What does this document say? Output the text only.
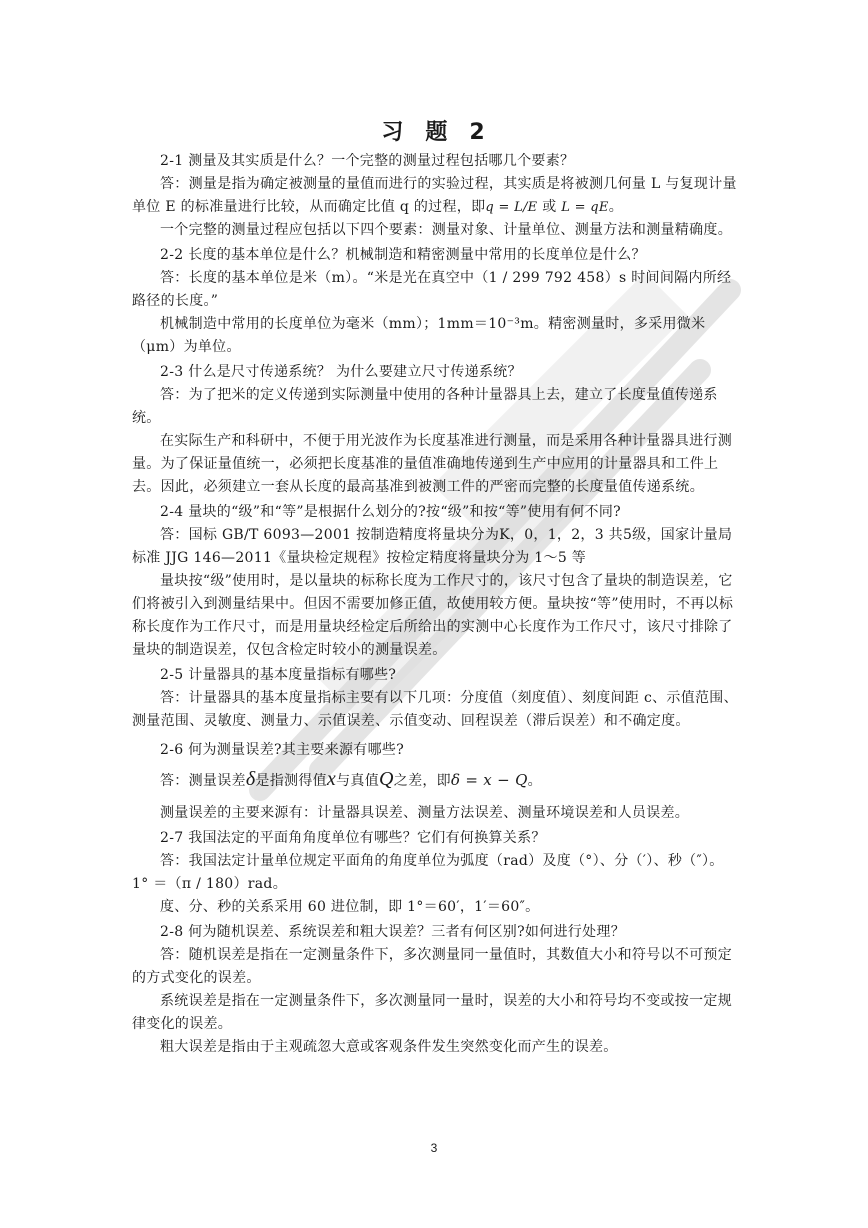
习 题 2

2-1 测量及其实质是什么？一个完整的测量过程包括哪几个要素？

答：测量是指为确定被测量的量值而进行的实验过程，其实质是将被测几何量 L 与复现计量单位 E 的标准量进行比较，从而确定比值 q 的过程，即q = L/E 或 L = qE。

一个完整的测量过程应包括以下四个要素：测量对象、计量单位、测量方法和测量精确度。

2-2 长度的基本单位是什么？机械制造和精密测量中常用的长度单位是什么？

答：长度的基本单位是米（m）。“米是光在真空中（1 / 299 792 458）s 时间间隔内所经路径的长度。”

机械制造中常用的长度单位为毫米（mm）；1mm＝10⁻³m。精密测量时，多采用微米（μm）为单位。

2-3 什么是尺寸传递系统？ 为什么要建立尺寸传递系统？

答：为了把米的定义传递到实际测量中使用的各种计量器具上去，建立了长度量值传递系统。

在实际生产和科研中，不便于用光波作为长度基准进行测量，而是采用各种计量器具进行测量。为了保证量值统一，必须把长度基准的量值准确地传递到生产中应用的计量器具和工件上去。因此，必须建立一套从长度的最高基准到被测工件的严密而完整的长度量值传递系统。

2-4 量块的“级”和“等”是根据什么划分的?按“级”和按“等”使用有何不同?

答：国标 GB/T 6093—2001 按制造精度将量块分为K，0，1，2，3 共5级，国家计量局标准 JJG 146—2011《量块检定规程》按检定精度将量块分为 1～5 等

量块按“级”使用时，是以量块的标称长度为工作尺寸的，该尺寸包含了量块的制造误差，它们将被引入到测量结果中。但因不需要加修正值，故使用较方便。量块按“等”使用时，不再以标称长度作为工作尺寸，而是用量块经检定后所给出的实测中心长度作为工作尺寸，该尺寸排除了量块的制造误差，仅包含检定时较小的测量误差。

2-5 计量器具的基本度量指标有哪些?

答：计量器具的基本度量指标主要有以下几项：分度值（刻度值）、刻度间距 c、示值范围、测量范围、灵敏度、测量力、示值误差、示值变动、回程误差（滞后误差）和不确定度。

2-6 何为测量误差?其主要来源有哪些?

答：测量误差δ是指测得值x与真值Q之差，即δ = x − Q。

测量误差的主要来源有：计量器具误差、测量方法误差、测量环境误差和人员误差。

2-7 我国法定的平面角角度单位有哪些？它们有何换算关系？

答：我国法定计量单位规定平面角的角度单位为弧度（rad）及度（°）、分（′）、秒（″）。

1° ＝（π / 180）rad。

度、分、秒的关系采用 60 进位制，即 1°＝60′，1′＝60″。

2-8 何为随机误差、系统误差和粗大误差？三者有何区别?如何进行处理？

答：随机误差是指在一定测量条件下，多次测量同一量值时，其数值大小和符号以不可预定的方式变化的误差。

系统误差是指在一定测量条件下，多次测量同一量时，误差的大小和符号均不变或按一定规律变化的误差。

粗大误差是指由于主观疏忽大意或客观条件发生突然变化而产生的误差。

3
